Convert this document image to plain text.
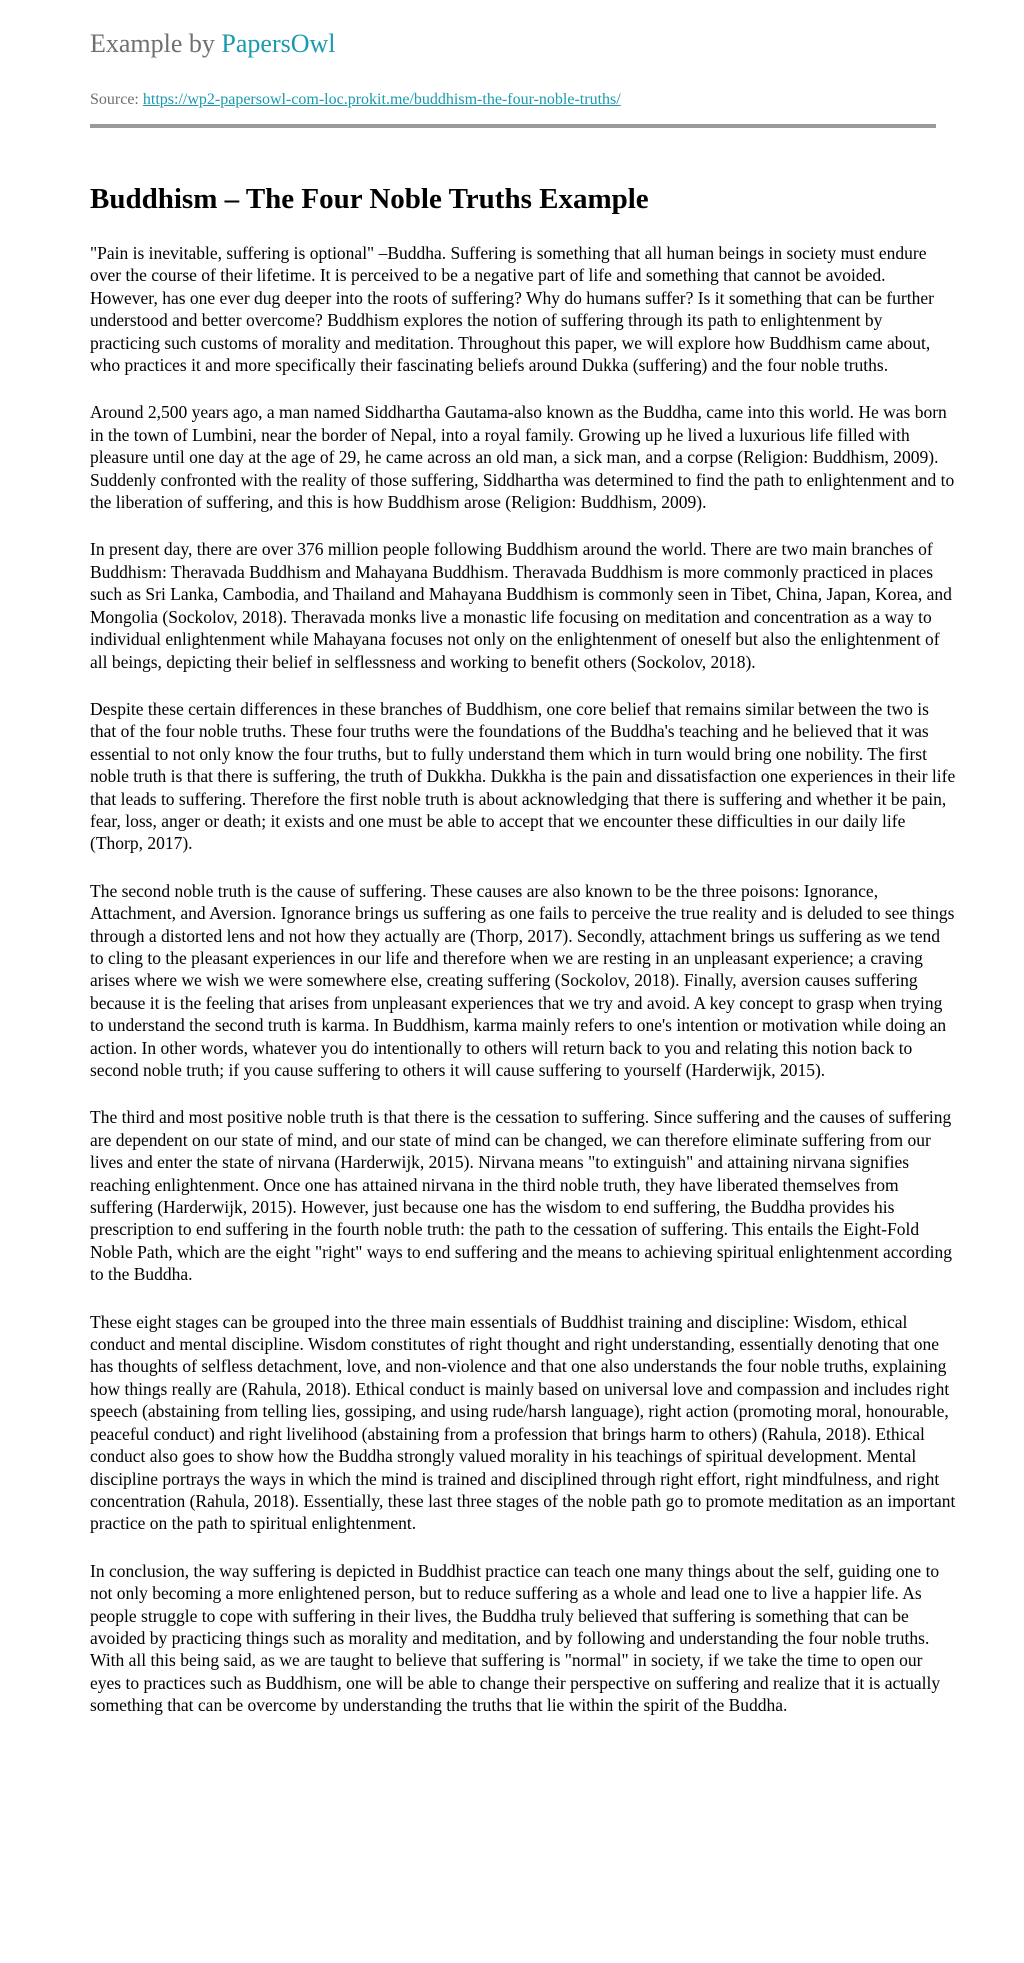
Example by PapersOwl
Source: https://wp2-papersowl-com-loc.prokit.me/buddhism-the-four-noble-truths/
Buddhism – The Four Noble Truths Example

"Pain is inevitable, suffering is optional" –Buddha. Suffering is something that all human beings in society must endure over the course of their lifetime. It is perceived to be a negative part of life and something that cannot be avoided. However, has one ever dug deeper into the roots of suffering? Why do humans suffer? Is it something that can be further understood and better overcome? Buddhism explores the notion of suffering through its path to enlightenment by practicing such customs of morality and meditation. Throughout this paper, we will explore how Buddhism came about, who practices it and more specifically their fascinating beliefs around Dukka (suffering) and the four noble truths.

Around 2,500 years ago, a man named Siddhartha Gautama-also known as the Buddha, came into this world. He was born in the town of Lumbini, near the border of Nepal, into a royal family. Growing up he lived a luxurious life filled with pleasure until one day at the age of 29, he came across an old man, a sick man, and a corpse (Religion: Buddhism, 2009). Suddenly confronted with the reality of those suffering, Siddhartha was determined to find the path to enlightenment and to the liberation of suffering, and this is how Buddhism arose (Religion: Buddhism, 2009).

In present day, there are over 376 million people following Buddhism around the world. There are two main branches of Buddhism: Theravada Buddhism and Mahayana Buddhism. Theravada Buddhism is more commonly practiced in places such as Sri Lanka, Cambodia, and Thailand and Mahayana Buddhism is commonly seen in Tibet, China, Japan, Korea, and Mongolia (Sockolov, 2018). Theravada monks live a monastic life focusing on meditation and concentration as a way to individual enlightenment while Mahayana focuses not only on the enlightenment of oneself but also the enlightenment of all beings, depicting their belief in selflessness and working to benefit others (Sockolov, 2018).

Despite these certain differences in these branches of Buddhism, one core belief that remains similar between the two is that of the four noble truths. These four truths were the foundations of the Buddha's teaching and he believed that it was essential to not only know the four truths, but to fully understand them which in turn would bring one nobility. The first noble truth is that there is suffering, the truth of Dukkha. Dukkha is the pain and dissatisfaction one experiences in their life that leads to suffering. Therefore the first noble truth is about acknowledging that there is suffering and whether it be pain, fear, loss, anger or death; it exists and one must be able to accept that we encounter these difficulties in our daily life (Thorp, 2017).

The second noble truth is the cause of suffering. These causes are also known to be the three poisons: Ignorance, Attachment, and Aversion. Ignorance brings us suffering as one fails to perceive the true reality and is deluded to see things through a distorted lens and not how they actually are (Thorp, 2017). Secondly, attachment brings us suffering as we tend to cling to the pleasant experiences in our life and therefore when we are resting in an unpleasant experience; a craving arises where we wish we were somewhere else, creating suffering (Sockolov, 2018). Finally, aversion causes suffering because it is the feeling that arises from unpleasant experiences that we try and avoid. A key concept to grasp when trying to understand the second truth is karma. In Buddhism, karma mainly refers to one's intention or motivation while doing an action. In other words, whatever you do intentionally to others will return back to you and relating this notion back to second noble truth; if you cause suffering to others it will cause suffering to yourself (Harderwijk, 2015).

The third and most positive noble truth is that there is the cessation to suffering. Since suffering and the causes of suffering are dependent on our state of mind, and our state of mind can be changed, we can therefore eliminate suffering from our lives and enter the state of nirvana (Harderwijk, 2015). Nirvana means "to extinguish" and attaining nirvana signifies reaching enlightenment. Once one has attained nirvana in the third noble truth, they have liberated themselves from suffering (Harderwijk, 2015). However, just because one has the wisdom to end suffering, the Buddha provides his prescription to end suffering in the fourth noble truth: the path to the cessation of suffering. This entails the Eight-Fold Noble Path, which are the eight "right" ways to end suffering and the means to achieving spiritual enlightenment according to the Buddha.

These eight stages can be grouped into the three main essentials of Buddhist training and discipline: Wisdom, ethical conduct and mental discipline. Wisdom constitutes of right thought and right understanding, essentially denoting that one has thoughts of selfless detachment, love, and non-violence and that one also understands the four noble truths, explaining how things really are (Rahula, 2018). Ethical conduct is mainly based on universal love and compassion and includes right speech (abstaining from telling lies, gossiping, and using rude/harsh language), right action (promoting moral, honourable, peaceful conduct) and right livelihood (abstaining from a profession that brings harm to others) (Rahula, 2018). Ethical conduct also goes to show how the Buddha strongly valued morality in his teachings of spiritual development. Mental discipline portrays the ways in which the mind is trained and disciplined through right effort, right mindfulness, and right concentration (Rahula, 2018). Essentially, these last three stages of the noble path go to promote meditation as an important practice on the path to spiritual enlightenment.

In conclusion, the way suffering is depicted in Buddhist practice can teach one many things about the self, guiding one to not only becoming a more enlightened person, but to reduce suffering as a whole and lead one to live a happier life. As people struggle to cope with suffering in their lives, the Buddha truly believed that suffering is something that can be avoided by practicing things such as morality and meditation, and by following and understanding the four noble truths. With all this being said, as we are taught to believe that suffering is "normal" in society, if we take the time to open our eyes to practices such as Buddhism, one will be able to change their perspective on suffering and realize that it is actually something that can be overcome by understanding the truths that lie within the spirit of the Buddha.
